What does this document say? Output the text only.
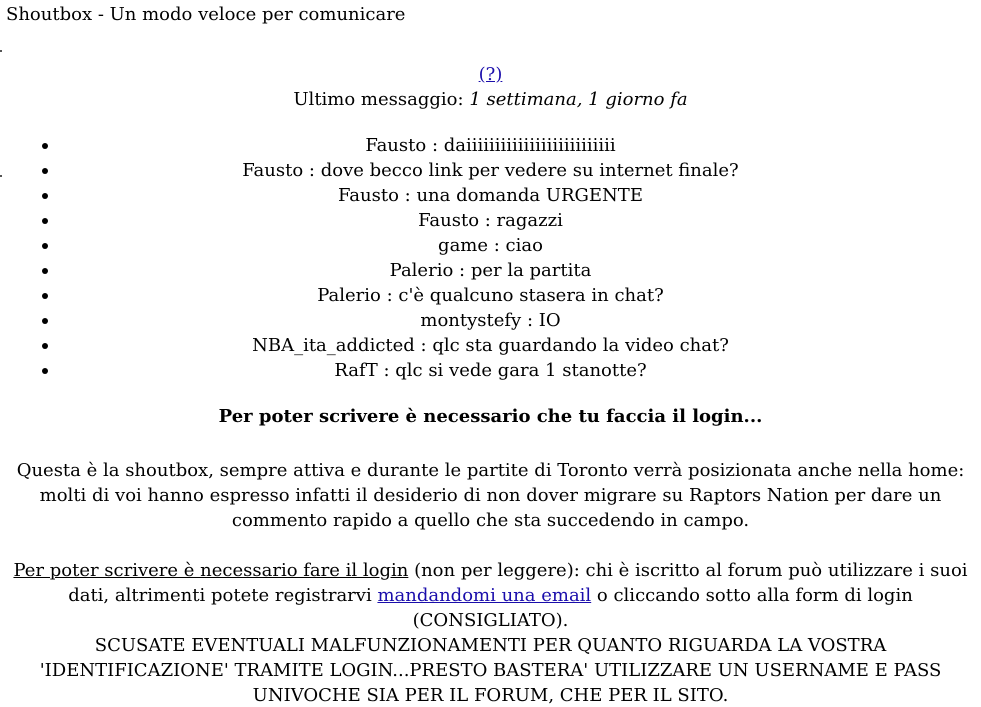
Shoutbox - Un modo veloce per comunicare
(?)
Ultimo messaggio: 1 settimana, 1 giorno fa
Fausto : daiiiiiiiiiiiiiiiiiiiiiiiiii
Fausto : dove becco link per vedere su internet finale?
Fausto : una domanda URGENTE
Fausto : ragazzi
game : ciao
Palerio : per la partita
Palerio : c'è qualcuno stasera in chat?
montystefy : IO
NBA_ita_addicted : qlc sta guardando la video chat?
RafT : qlc si vede gara 1 stanotte?
Per poter scrivere è necessario che tu faccia il login...
Questa è la shoutbox, sempre attiva e durante le partite di Toronto verrà posizionata anche nella home: molti di voi hanno espresso infatti il desiderio di non dover migrare su Raptors Nation per dare un commento rapido a quello che sta succedendo in campo.
Per poter scrivere è necessario fare il login (non per leggere): chi è iscritto al forum può utilizzare i suoi dati, altrimenti potete registrarvi mandandomi una email o cliccando sotto alla form di login (CONSIGLIATO).
SCUSATE EVENTUALI MALFUNZIONAMENTI PER QUANTO RIGUARDA LA VOSTRA 'IDENTIFICAZIONE' TRAMITE LOGIN...PRESTO BASTERA' UTILIZZARE UN USERNAME E PASS UNIVOCHE SIA PER IL FORUM, CHE PER IL SITO.
